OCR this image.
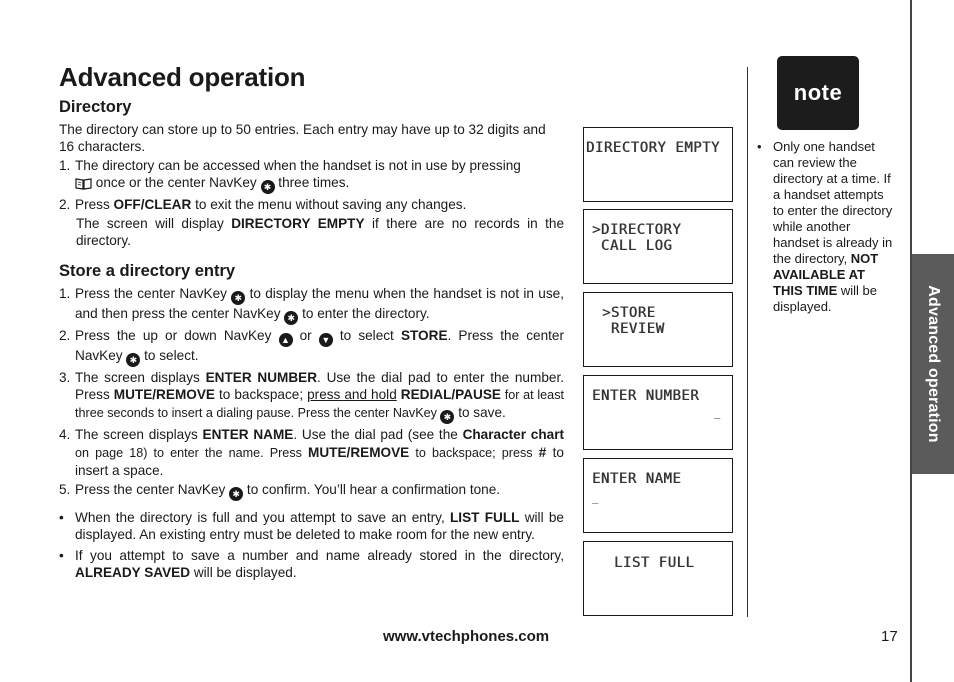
Advanced operation
Directory

The directory can store up to 50 entries. Each entry may have up to 32 digits and 16 characters.

1. The directory can be accessed when the handset is not in use by pressing
once or the center NavKey ✱ three times.
2. Press OFF/CLEAR to exit the menu without saving any changes.
The screen will display DIRECTORY EMPTY if there are no records in the directory.
Store a directory entry
1. Press the center NavKey ✱ to display the menu when the handset is not in use, and then press the center NavKey ✱ to enter the directory.
2. Press the up or down NavKey ▲ or ▼ to select STORE. Press the center NavKey ✱ to select.
3. The screen displays ENTER NUMBER. Use the dial pad to enter the number. Press MUTE/REMOVE to backspace; press and hold REDIAL/PAUSE for at least three seconds to insert a dialing pause. Press the center NavKey ✱ to save.
4. The screen displays ENTER NAME. Use the dial pad (see the Character chart on page 18) to enter the name. Press MUTE/REMOVE to backspace; press # to insert a space.
5. Press the center NavKey ✱ to confirm. You’ll hear a confirmation tone.
• When the directory is full and you attempt to save an entry, LIST FULL will be displayed. An existing entry must be deleted to make room for the new entry.
• If you attempt to save a number and name already stored in the directory, ALREADY SAVED will be displayed.
DIRECTORY EMPTY
>DIRECTORY
CALL LOG
>STORE
REVIEW
ENTER NUMBER
_
ENTER NAME
_
LIST FULL
note
• Only one handset can review the directory at a time. If a handset attempts to enter the directory while another handset is already in the directory, NOT AVAILABLE AT THIS TIME will be displayed.	Advanced operation
www.vtechphones.com	17
